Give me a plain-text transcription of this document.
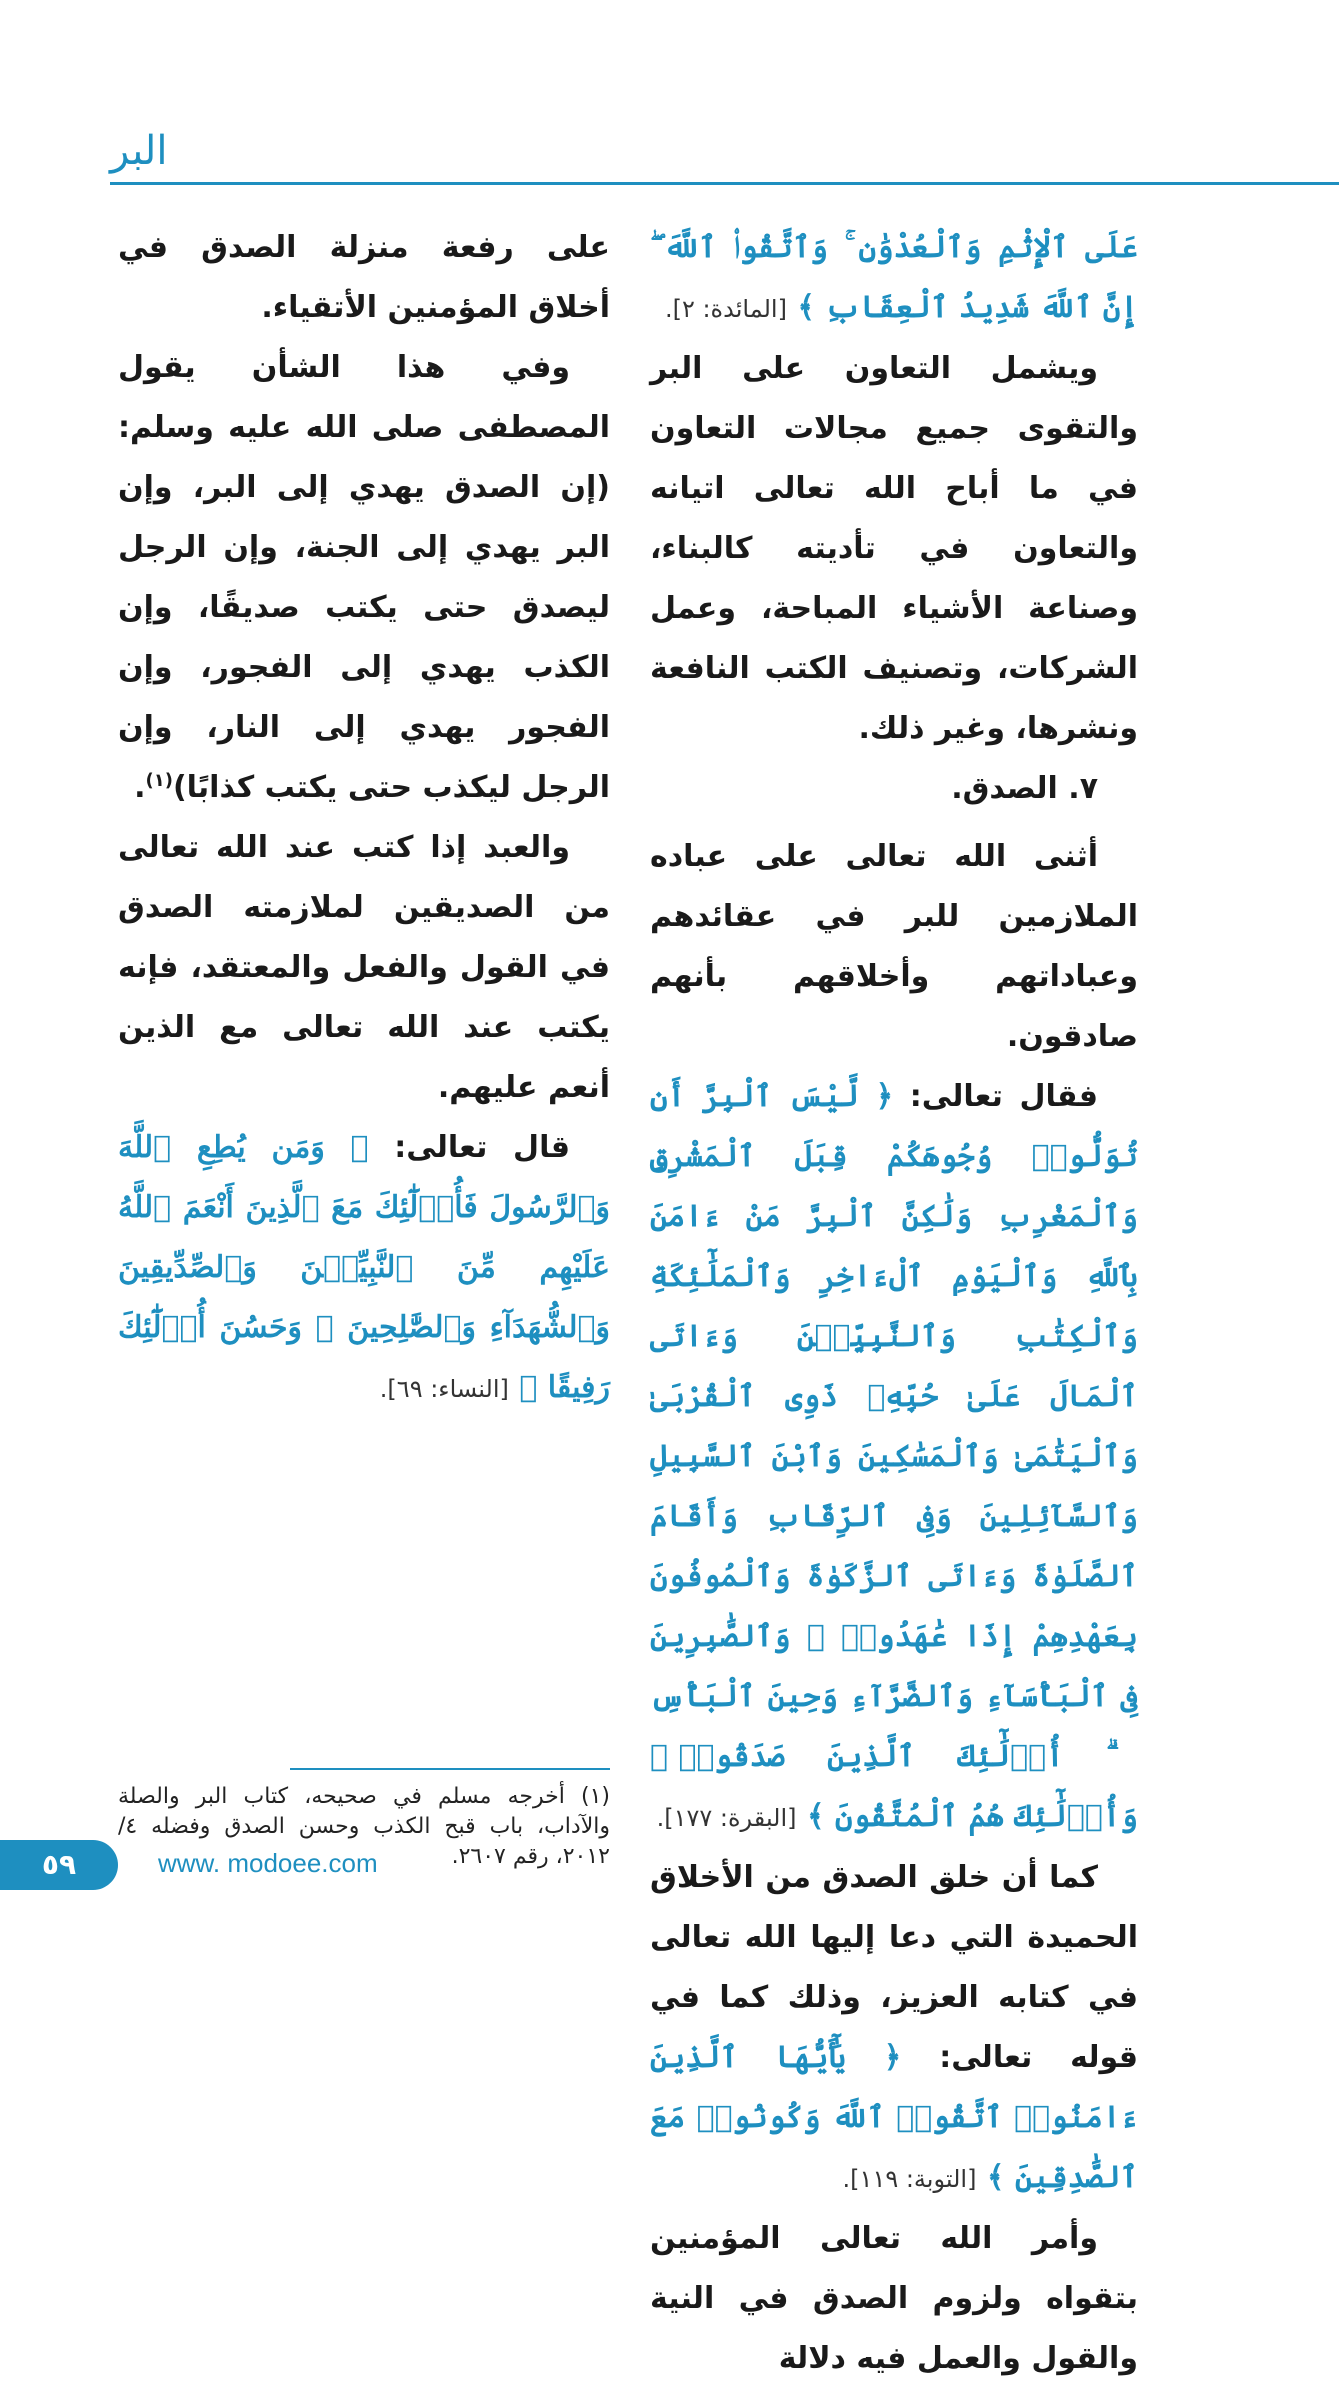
البر

عَلَى ٱلْإِثْمِ وَٱلْعُدْوَٰنِ ۚ وَٱتَّقُوا۟ ٱللَّهَ ۖ إِنَّ ٱللَّهَ شَدِيدُ ٱلْعِقَابِ ﴾ [المائدة: ٢].

ويشمل التعاون على البر والتقوى جميع مجالات التعاون في ما أباح الله تعالى اتيانه والتعاون في تأديته كالبناء، وصناعة الأشياء المباحة، وعمل الشركات، وتصنيف الكتب النافعة ونشرها، وغير ذلك.

٧. الصدق.

أثنى الله تعالى على عباده الملازمين للبر في عقائدهم وعباداتهم وأخلاقهم بأنهم صادقون.

فقال تعالى: ﴿ لَّيْسَ ٱلْبِرَّ أَن تُوَلُّوا۟ وُجُوهَكُمْ قِبَلَ ٱلْمَشْرِقِ وَٱلْمَغْرِبِ وَلَٰكِنَّ ٱلْبِرَّ مَنْ ءَامَنَ بِٱللَّهِ وَٱلْيَوْمِ ٱلْءَاخِرِ وَٱلْمَلَٰٓئِكَةِ وَٱلْكِتَٰبِ وَٱلنَّبِيِّـۧنَ وَءَاتَى ٱلْمَالَ عَلَىٰ حُبِّهِۦ ذَوِى ٱلْقُرْبَىٰ وَٱلْيَتَٰمَىٰ وَٱلْمَسَٰكِينَ وَٱبْنَ ٱلسَّبِيلِ وَٱلسَّآئِلِينَ وَفِى ٱلرِّقَابِ وَأَقَامَ ٱلصَّلَوٰةَ وَءَاتَى ٱلزَّكَوٰةَ وَٱلْمُوفُونَ بِعَهْدِهِمْ إِذَا عَٰهَدُوا۟ ۖ وَٱلصَّٰبِرِينَ فِى ٱلْبَأْسَآءِ وَٱلضَّرَّآءِ وَحِينَ ٱلْبَأْسِ ۗ أُو۟لَٰٓئِكَ ٱلَّذِينَ صَدَقُوا۟ ۖ وَأُو۟لَٰٓئِكَ هُمُ ٱلْمُتَّقُونَ ﴾ [البقرة: ١٧٧].

كما أن خلق الصدق من الأخلاق الحميدة التي دعا إليها الله تعالى في كتابه العزيز، وذلك كما في قوله تعالى: ﴿ يَٰٓأَيُّهَا ٱلَّذِينَ ءَامَنُوا۟ ٱتَّقُوا۟ ٱللَّهَ وَكُونُوا۟ مَعَ ٱلصَّٰدِقِينَ ﴾ [التوبة: ١١٩].

وأمر الله تعالى المؤمنين بتقواه ولزوم الصدق في النية والقول والعمل فيه دلالة

على رفعة منزلة الصدق في أخلاق المؤمنين الأتقياء.

وفي هذا الشأن يقول المصطفى صلى الله عليه وسلم: (إن الصدق يهدي إلى البر، وإن البر يهدي إلى الجنة، وإن الرجل ليصدق حتى يكتب صديقًا، وإن الكذب يهدي إلى الفجور، وإن الفجور يهدي إلى النار، وإن الرجل ليكذب حتى يكتب كذابًا)$^{(١)}$.

والعبد إذا كتب عند الله تعالى من الصديقين لملازمته الصدق في القول والفعل والمعتقد، فإنه يكتب عند الله تعالى مع الذين أنعم عليهم.

قال تعالى: ﴿ وَمَن يُطِعِ ٱللَّهَ وَٱلرَّسُولَ فَأُو۟لَٰٓئِكَ مَعَ ٱلَّذِينَ أَنْعَمَ ٱللَّهُ عَلَيْهِم مِّنَ ٱلنَّبِيِّـۧنَ وَٱلصِّدِّيقِينَ وَٱلشُّهَدَآءِ وَٱلصَّٰلِحِينَ ۚ وَحَسُنَ أُو۟لَٰٓئِكَ رَفِيقًا ﴾ [النساء: ٦٩].

(١) أخرجه مسلم في صحيحه، كتاب البر والصلة والآداب، باب قبح الكذب وحسن الصدق وفضله ٤/ ٢٠١٢، رقم ٢٦٠٧.
٥٩	www. modoee.com
